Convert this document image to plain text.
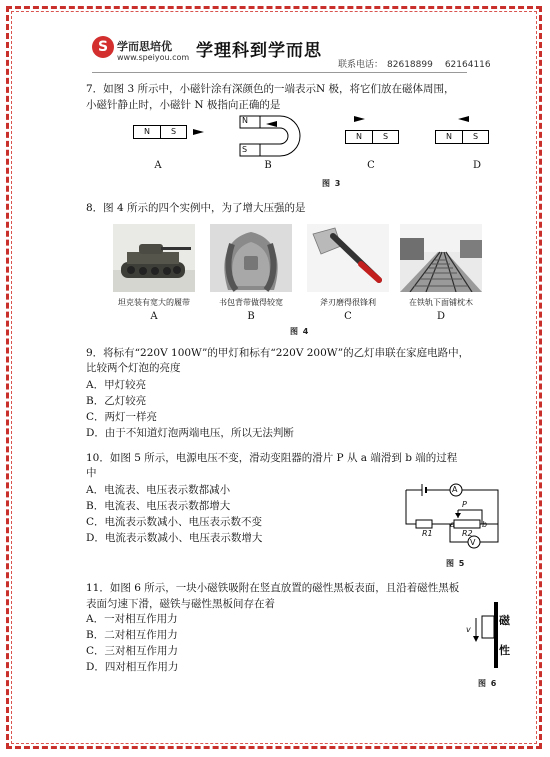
S 学而思培优
www.speiyou.com 学理科到学而思
联系电话： 82618899 62164116
7．如图 3 所示中，小磁针涂有深颜色的一端表示N 极，将它们放在磁体周围，
小磁针静止时，小磁针 N 极指向正确的是
N	S
N
S
N	S	N	S
A	B	C	D
图 3
8．图 4 所示的四个实例中，为了增大压强的是
坦克装有宽大的履带	书包背带做得较宽	斧刃磨得很锋利	在铁轨下面铺枕木
A	B	C	D
图 4
9．将标有“220V 100W”的甲灯和标有“220V 200W”的乙灯串联在家庭电路中，
比较两个灯泡的亮度
A．甲灯较亮
B．乙灯较亮
C．两灯一样亮
D．由于不知道灯泡两端电压，所以无法判断
10．如图 5 所示，电源电压不变，滑动变阻器的滑片 P 从 a 端滑到 b 端的过程
中
A．电流表、电压表示数都减小
B．电流表、电压表示数都增大
C．电流表示数减小、电压表示数不变
D．电流表示数减小、电压表示数增大
A
V
P
a	b
R1	R2
图 5
11．如图 6 所示，一块小磁铁吸附在竖直放置的磁性黑板表面，且沿着磁性黑板
表面匀速下滑，磁铁与磁性黑板间存在着
A．一对相互作用力
B．二对相互作用力
C．三对相互作用力
D．四对相互作用力
v
磁
性
图 6
